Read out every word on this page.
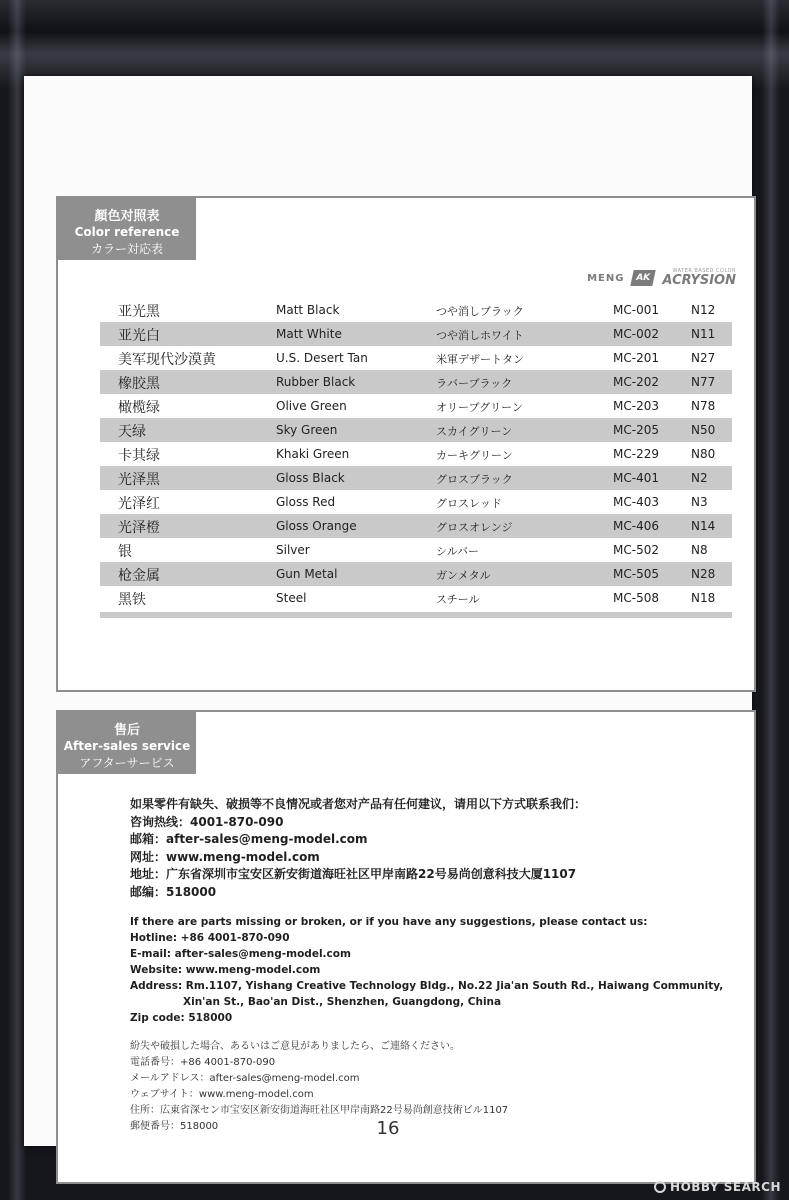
顏色对照表
Color reference
カラー対応表
MENG	AK
WATER BASED COLOR
ACRYSION
亚光黑	Matt Black	つや消しブラック	MC-001	N12
亚光白	Matt White	つや消しホワイト	MC-002	N11
美军现代沙漠黄	U.S. Desert Tan	米軍デザートタン	MC-201	N27
橡胶黑	Rubber Black	ラバーブラック	MC-202	N77
橄榄绿	Olive Green	オリーブグリーン	MC-203	N78
天绿	Sky Green	スカイグリーン	MC-205	N50
卡其绿	Khaki Green	カーキグリーン	MC-229	N80
光泽黑	Gloss Black	グロスブラック	MC-401	N2
光泽红	Gloss Red	グロスレッド	MC-403	N3
光泽橙	Gloss Orange	グロスオレンジ	MC-406	N14
银	Silver	シルバー	MC-502	N8
枪金属	Gun Metal	ガンメタル	MC-505	N28
黑铁	Steel	スチール	MC-508	N18
售后
After-sales service
アフターサービス
如果零件有缺失、破损等不良情况或者您对产品有任何建议，请用以下方式联系我们：
咨询热线：4001-870-090
邮箱：after-sales@meng-model.com
网址：www.meng-model.com
地址：广东省深圳市宝安区新安街道海旺社区甲岸南路22号易尚创意科技大厦1107
邮编：518000
If there are parts missing or broken, or if you have any suggestions, please contact us:
Hotline: +86 4001-870-090
E-mail: after-sales@meng-model.com
Website: www.meng-model.com
Address: Rm.1107, Yishang Creative Technology Bldg., No.22 Jia'an South Rd., Haiwang Community,
Xin'an St., Bao'an Dist., Shenzhen, Guangdong, China
Zip code: 518000
紛失や破損した場合、あるいはご意見がありましたら、ご連絡ください。
電話番号：+86 4001-870-090
メールアドレス：after-sales@meng-model.com
ウェブサイト：www.meng-model.com
住所：広東省深セン市宝安区新安街道海旺社区甲岸南路22号易尚創意技術ビル1107
郵便番号：518000	16
HOBBY SEARCH
